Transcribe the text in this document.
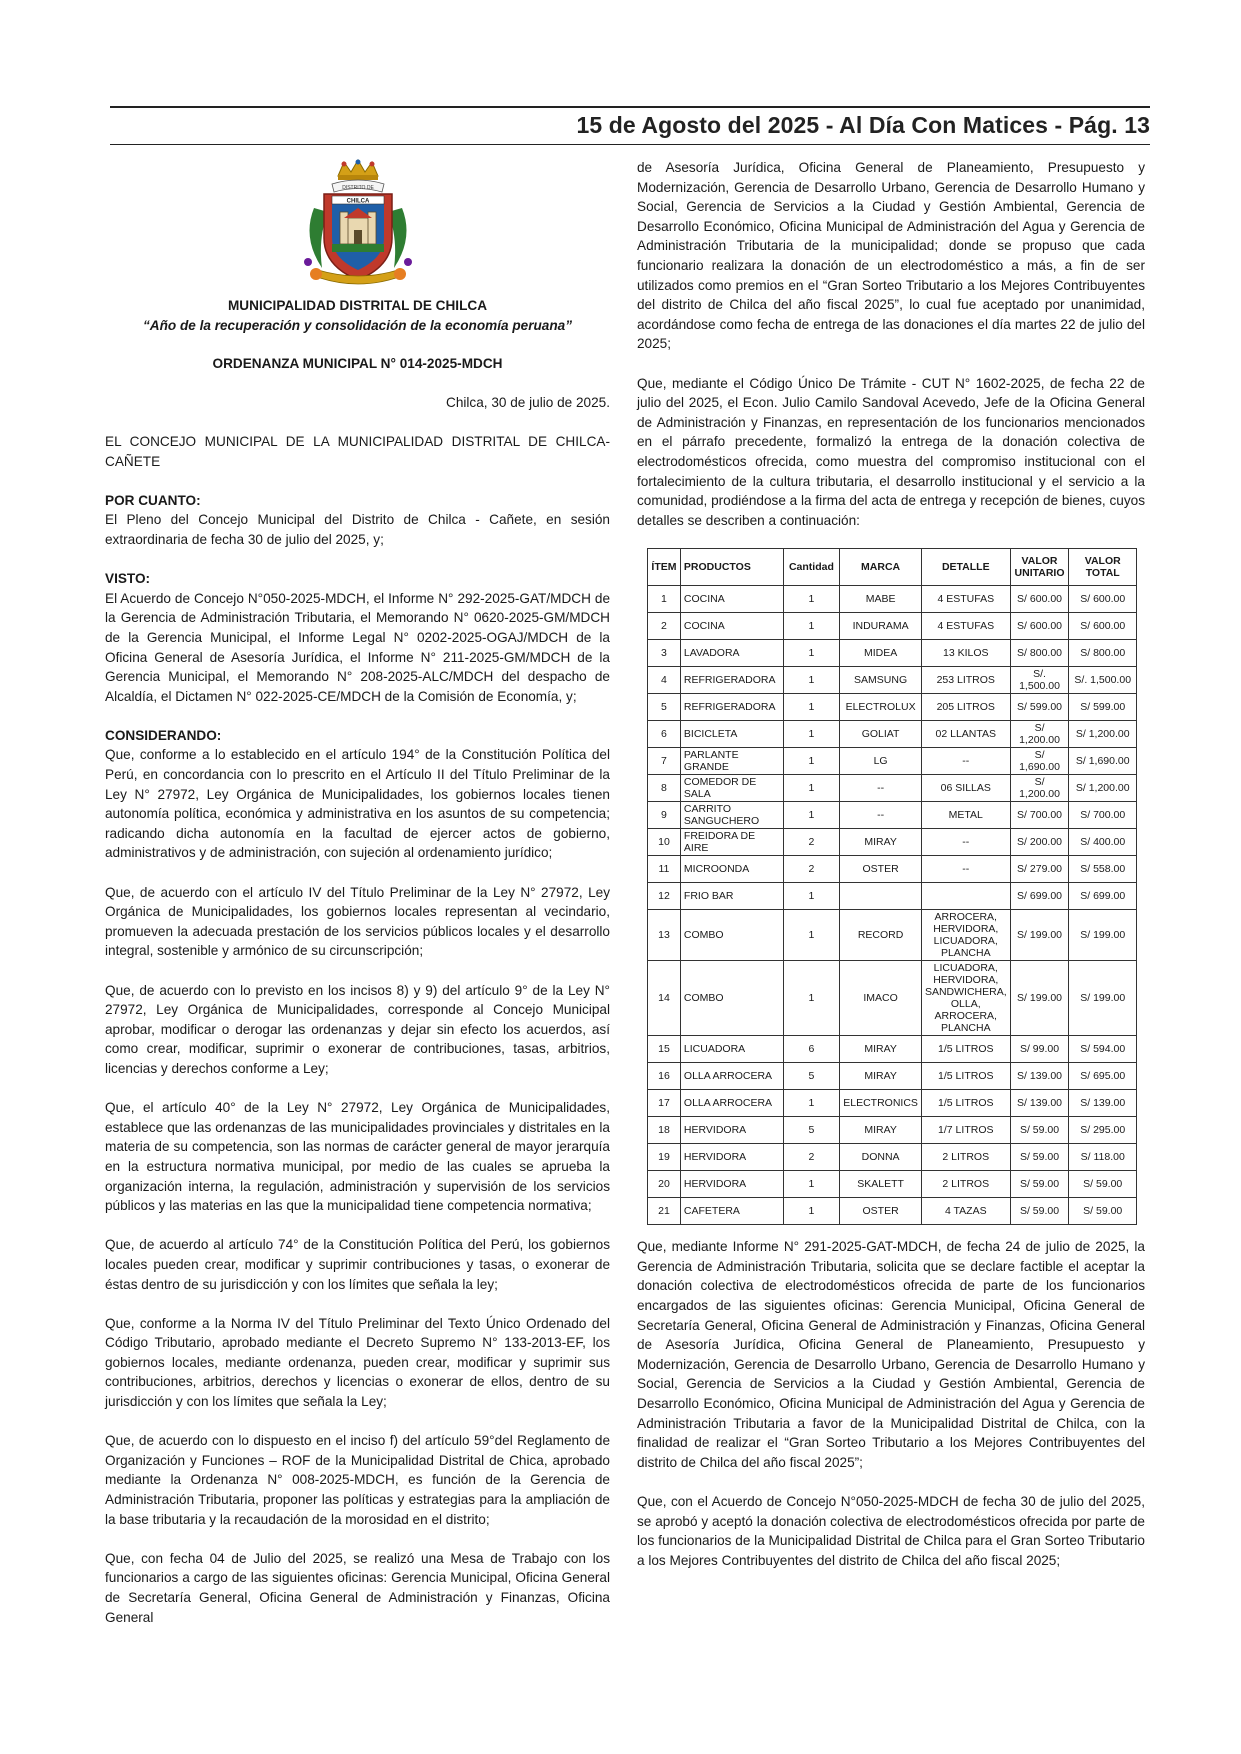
15 de Agosto del 2025 - Al Día Con Matices - Pág. 13
DISTRITO DE
CHILCA
MUNICIPALIDAD DISTRITAL DE CHILCA
“Año de la recuperación y consolidación de la economía peruana”
ORDENANZA MUNICIPAL N° 014-2025-MDCH
Chilca, 30 de julio de 2025.

EL CONCEJO MUNICIPAL DE LA MUNICIPALIDAD DISTRITAL DE CHILCA-CAÑETE

POR CUANTO:

El Pleno del Concejo Municipal del Distrito de Chilca - Cañete, en sesión extraordinaria de fecha 30 de julio del 2025, y;

VISTO:

El Acuerdo de Concejo N°050-2025-MDCH, el Informe N° 292-2025-GAT/MDCH de la Gerencia de Administración Tributaria, el Memorando N° 0620-2025-GM/MDCH de la Gerencia Municipal, el Informe Legal N° 0202-2025-OGAJ/MDCH de la Oficina General de Asesoría Jurídica, el Informe N° 211-2025-GM/MDCH de la Gerencia Municipal, el Memorando N° 208-2025-ALC/MDCH del despacho de Alcaldía, el Dictamen N° 022-2025-CE/MDCH de la Comisión de Economía, y;

CONSIDERANDO:

Que, conforme a lo establecido en el artículo 194° de la Constitución Política del Perú, en concordancia con lo prescrito en el Artículo II del Título Preliminar de la Ley N° 27972, Ley Orgánica de Municipalidades, los gobiernos locales tienen autonomía política, económica y administrativa en los asuntos de su competencia; radicando dicha autonomía en la facultad de ejercer actos de gobierno, administrativos y de administración, con sujeción al ordenamiento jurídico;

Que, de acuerdo con el artículo IV del Título Preliminar de la Ley N° 27972, Ley Orgánica de Municipalidades, los gobiernos locales representan al vecindario, promueven la adecuada prestación de los servicios públicos locales y el desarrollo integral, sostenible y armónico de su circunscripción;

Que, de acuerdo con lo previsto en los incisos 8) y 9) del artículo 9° de la Ley N° 27972, Ley Orgánica de Municipalidades, corresponde al Concejo Municipal aprobar, modificar o derogar las ordenanzas y dejar sin efecto los acuerdos, así como crear, modificar, suprimir o exonerar de contribuciones, tasas, arbitrios, licencias y derechos conforme a Ley;

Que, el artículo 40° de la Ley N° 27972, Ley Orgánica de Municipalidades, establece que las ordenanzas de las municipalidades provinciales y distritales en la materia de su competencia, son las normas de carácter general de mayor jerarquía en la estructura normativa municipal, por medio de las cuales se aprueba la organización interna, la regulación, administración y supervisión de los servicios públicos y las materias en las que la municipalidad tiene competencia normativa;

Que, de acuerdo al artículo 74° de la Constitución Política del Perú, los gobiernos locales pueden crear, modificar y suprimir contribuciones y tasas, o exonerar de éstas dentro de su jurisdicción y con los límites que señala la ley;

Que, conforme a la Norma IV del Título Preliminar del Texto Único Ordenado del Código Tributario, aprobado mediante el Decreto Supremo N° 133-2013-EF, los gobiernos locales, mediante ordenanza, pueden crear, modificar y suprimir sus contribuciones, arbitrios, derechos y licencias o exonerar de ellos, dentro de su jurisdicción y con los límites que señala la Ley;

Que, de acuerdo con lo dispuesto en el inciso f) del artículo 59°del Reglamento de Organización y Funciones – ROF de la Municipalidad Distrital de Chica, aprobado mediante la Ordenanza N° 008-2025-MDCH, es función de la Gerencia de Administración Tributaria, proponer las políticas y estrategias para la ampliación de la base tributaria y la recaudación de la morosidad en el distrito;

Que, con fecha 04 de Julio del 2025, se realizó una Mesa de Trabajo con los funcionarios a cargo de las siguientes oficinas: Gerencia Municipal, Oficina General de Secretaría General, Oficina General de Administración y Finanzas, Oficina General

de Asesoría Jurídica, Oficina General de Planeamiento, Presupuesto y Modernización, Gerencia de Desarrollo Urbano, Gerencia de Desarrollo Humano y Social, Gerencia de Servicios a la Ciudad y Gestión Ambiental, Gerencia de Desarrollo Económico, Oficina Municipal de Administración del Agua y Gerencia de Administración Tributaria de la municipalidad; donde se propuso que cada funcionario realizara la donación de un electrodoméstico a más, a fin de ser utilizados como premios en el “Gran Sorteo Tributario a los Mejores Contribuyentes del distrito de Chilca del año fiscal 2025”, lo cual fue aceptado por unanimidad, acordándose como fecha de entrega de las donaciones el día martes 22 de julio del 2025;

Que, mediante el Código Único De Trámite - CUT N° 1602-2025, de fecha 22 de julio del 2025, el Econ. Julio Camilo Sandoval Acevedo, Jefe de la Oficina General de Administración y Finanzas, en representación de los funcionarios mencionados en el párrafo precedente, formalizó la entrega de la donación colectiva de electrodomésticos ofrecida, como muestra del compromiso institucional con el fortalecimiento de la cultura tributaria, el desarrollo institucional y el servicio a la comunidad, prodiéndose a la firma del acta de entrega y recepción de bienes, cuyos detalles se describen a continuación:

ÍTEM	PRODUCTOS	Cantidad	MARCA	DETALLE	VALOR UNITARIO	VALOR TOTAL
1	COCINA	1	MABE	4 ESTUFAS	S/ 600.00	S/ 600.00
2	COCINA	1	INDURAMA	4 ESTUFAS	S/ 600.00	S/ 600.00
3	LAVADORA	1	MIDEA	13 KILOS	S/ 800.00	S/ 800.00
4	REFRIGERADORA	1	SAMSUNG	253 LITROS	S/. 1,500.00	S/. 1,500.00
5	REFRIGERADORA	1	ELECTROLUX	205 LITROS	S/ 599.00	S/ 599.00
6	BICICLETA	1	GOLIAT	02 LLANTAS	S/ 1,200.00	S/ 1,200.00
7	PARLANTE GRANDE	1	LG	--	S/ 1,690.00	S/ 1,690.00
8	COMEDOR DE SALA	1	--	06 SILLAS	S/ 1,200.00	S/ 1,200.00
9	CARRITO SANGUCHERO	1	--	METAL	S/ 700.00	S/ 700.00
10	FREIDORA DE AIRE	2	MIRAY	--	S/ 200.00	S/ 400.00
11	MICROONDA	2	OSTER	--	S/ 279.00	S/ 558.00
12	FRIO BAR	1			S/ 699.00	S/ 699.00
13	COMBO	1	RECORD	ARROCERA, HERVIDORA, LICUADORA, PLANCHA	S/ 199.00	S/ 199.00
14	COMBO	1	IMACO	LICUADORA, HERVIDORA, SANDWICHERA, OLLA, ARROCERA, PLANCHA	S/ 199.00	S/ 199.00
15	LICUADORA	6	MIRAY	1/5 LITROS	S/ 99.00	S/ 594.00
16	OLLA ARROCERA	5	MIRAY	1/5 LITROS	S/ 139.00	S/ 695.00
17	OLLA ARROCERA	1	ELECTRONICS	1/5 LITROS	S/ 139.00	S/ 139.00
18	HERVIDORA	5	MIRAY	1/7 LITROS	S/ 59.00	S/ 295.00
19	HERVIDORA	2	DONNA	2 LITROS	S/ 59.00	S/ 118.00
20	HERVIDORA	1	SKALETT	2 LITROS	S/ 59.00	S/ 59.00
21	CAFETERA	1	OSTER	4 TAZAS	S/ 59.00	S/ 59.00

Que, mediante Informe N° 291-2025-GAT-MDCH, de fecha 24 de julio de 2025, la Gerencia de Administración Tributaria, solicita que se declare factible el aceptar la donación colectiva de electrodomésticos ofrecida de parte de los funcionarios encargados de las siguientes oficinas: Gerencia Municipal, Oficina General de Secretaría General, Oficina General de Administración y Finanzas, Oficina General de Asesoría Jurídica, Oficina General de Planeamiento, Presupuesto y Modernización, Gerencia de Desarrollo Urbano, Gerencia de Desarrollo Humano y Social, Gerencia de Servicios a la Ciudad y Gestión Ambiental, Gerencia de Desarrollo Económico, Oficina Municipal de Administración del Agua y Gerencia de Administración Tributaria a favor de la Municipalidad Distrital de Chilca, con la finalidad de realizar el “Gran Sorteo Tributario a los Mejores Contribuyentes del distrito de Chilca del año fiscal 2025”;

Que, con el Acuerdo de Concejo N°050-2025-MDCH de fecha 30 de julio del 2025, se aprobó y aceptó la donación colectiva de electrodomésticos ofrecida por parte de los funcionarios de la Municipalidad Distrital de Chilca para el Gran Sorteo Tributario a los Mejores Contribuyentes del distrito de Chilca del año fiscal 2025;
